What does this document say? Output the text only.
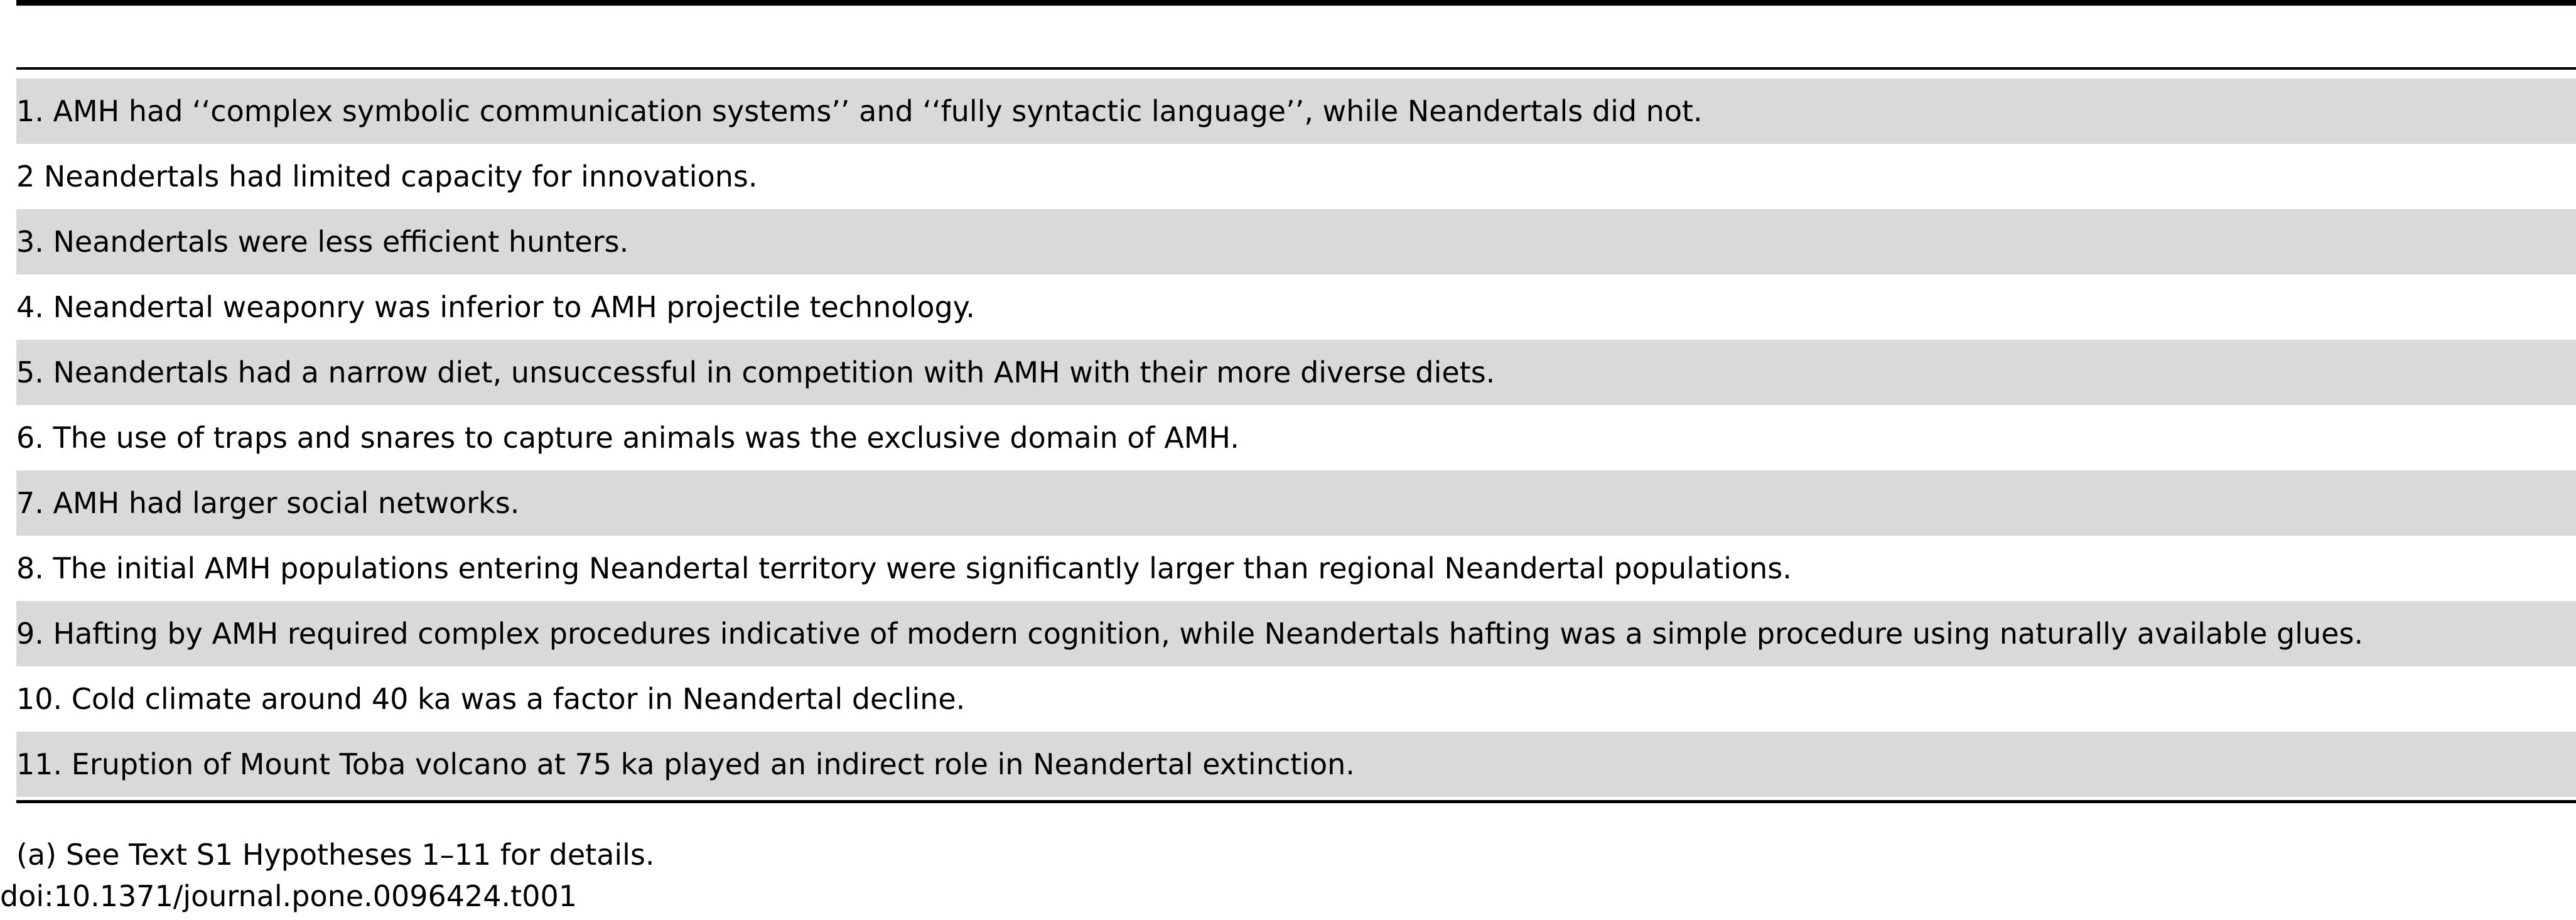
1. AMH had ‘‘complex symbolic communication systems’’ and ‘‘fully syntactic language’’, while Neandertals did not.
2 Neandertals had limited capacity for innovations.
3. Neandertals were less efficient hunters.
4. Neandertal weaponry was inferior to AMH projectile technology.
5. Neandertals had a narrow diet, unsuccessful in competition with AMH with their more diverse diets.
6. The use of traps and snares to capture animals was the exclusive domain of AMH.
7. AMH had larger social networks.
8. The initial AMH populations entering Neandertal territory were significantly larger than regional Neandertal populations.
9. Hafting by AMH required complex procedures indicative of modern cognition, while Neandertals hafting was a simple procedure using naturally available glues.
10. Cold climate around 40 ka was a factor in Neandertal decline.
11. Eruption of Mount Toba volcano at 75 ka played an indirect role in Neandertal extinction.
(a) See Text S1 Hypotheses 1–11 for details.
doi:10.1371/journal.pone.0096424.t001
